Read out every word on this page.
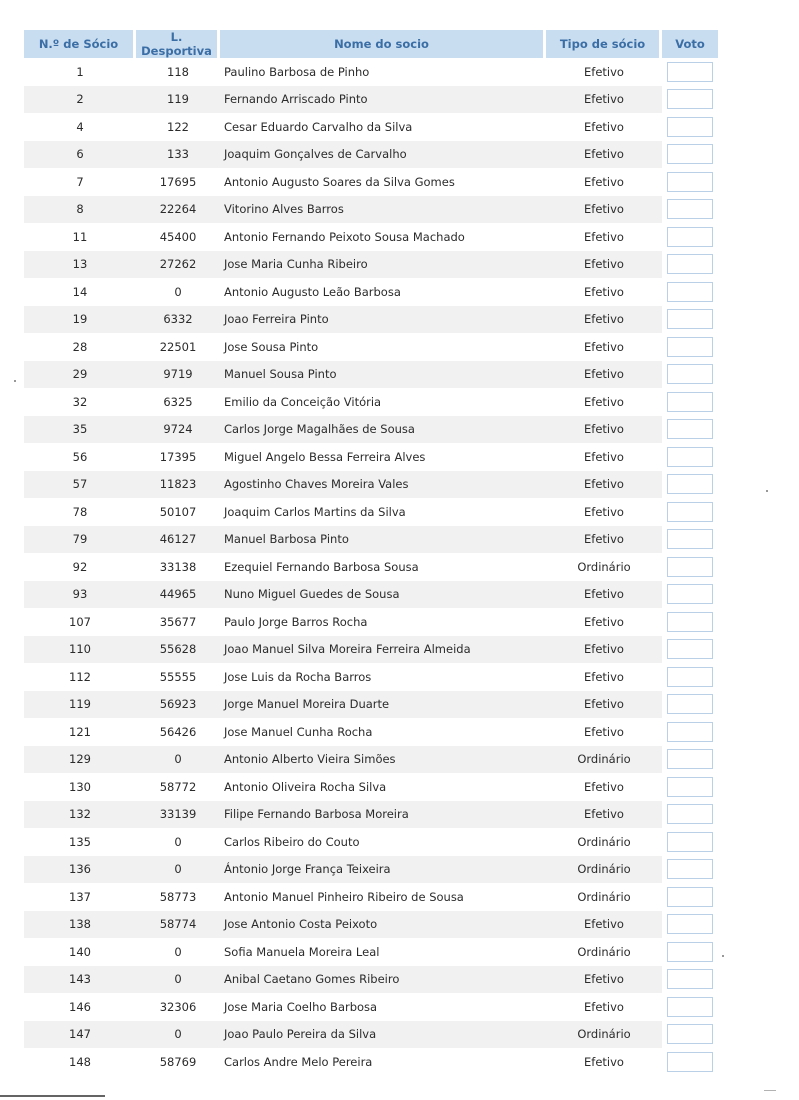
N.º de Sócio	L. Desportiva	Nome do socio	Tipo de sócio	Voto
1	118	Paulino Barbosa de Pinho	Efetivo	
2	119	Fernando Arriscado Pinto	Efetivo	
4	122	Cesar Eduardo Carvalho da Silva	Efetivo	
6	133	Joaquim Gonçalves de Carvalho	Efetivo	
7	17695	Antonio Augusto Soares da Silva Gomes	Efetivo	
8	22264	Vitorino Alves Barros	Efetivo	
11	45400	Antonio Fernando Peixoto Sousa Machado	Efetivo	
13	27262	Jose Maria Cunha Ribeiro	Efetivo	
14	0	Antonio Augusto Leão Barbosa	Efetivo	
19	6332	Joao Ferreira Pinto	Efetivo	
28	22501	Jose Sousa Pinto	Efetivo	
29	9719	Manuel Sousa Pinto	Efetivo	
32	6325	Emilio da Conceição Vitória	Efetivo	
35	9724	Carlos Jorge Magalhães de Sousa	Efetivo	
56	17395	Miguel Angelo Bessa Ferreira Alves	Efetivo	
57	11823	Agostinho Chaves Moreira Vales	Efetivo	
78	50107	Joaquim Carlos Martins da Silva	Efetivo	
79	46127	Manuel Barbosa Pinto	Efetivo	
92	33138	Ezequiel Fernando Barbosa Sousa	Ordinário	
93	44965	Nuno Miguel Guedes de Sousa	Efetivo	
107	35677	Paulo Jorge Barros Rocha	Efetivo	
110	55628	Joao Manuel Silva Moreira Ferreira Almeida	Efetivo	
112	55555	Jose Luis da Rocha Barros	Efetivo	
119	56923	Jorge Manuel Moreira Duarte	Efetivo	
121	56426	Jose Manuel Cunha Rocha	Efetivo	
129	0	Antonio Alberto Vieira Simões	Ordinário	
130	58772	Antonio Oliveira Rocha Silva	Efetivo	
132	33139	Filipe Fernando Barbosa Moreira	Efetivo	
135	0	Carlos Ribeiro do Couto	Ordinário	
136	0	Ántonio Jorge França Teixeira	Ordinário	
137	58773	Antonio Manuel Pinheiro Ribeiro de Sousa	Ordinário	
138	58774	Jose Antonio Costa Peixoto	Efetivo	
140	0	Sofia Manuela Moreira Leal	Ordinário	
143	0	Anibal Caetano Gomes Ribeiro	Efetivo	
146	32306	Jose Maria Coelho Barbosa	Efetivo	
147	0	Joao Paulo Pereira da Silva	Ordinário	
148	58769	Carlos Andre Melo Pereira	Efetivo	
